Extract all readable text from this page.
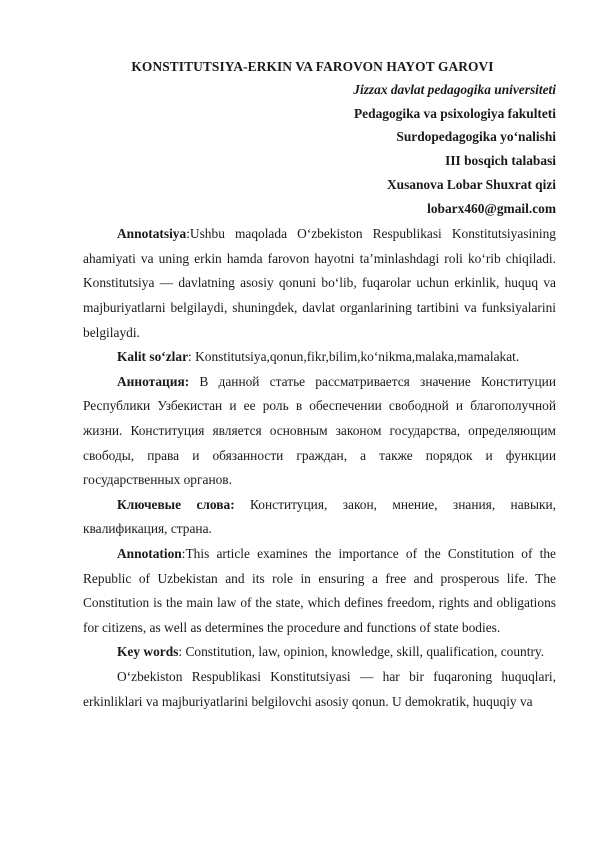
KONSTITUTSIYA-ERKIN VA FAROVON HAYOT GAROVI
Jizzax davlat pedagogika universiteti
Pedagogika va psixologiya fakulteti
Surdopedagogika yo‘nalishi
III bosqich talabasi
Xusanova Lobar Shuxrat qizi
lobarx460@gmail.com

Annotatsiya:Ushbu maqolada O‘zbekiston Respublikasi Konstitutsiyasining ahamiyati va uning erkin hamda farovon hayotni ta’minlashdagi roli ko‘rib chiqiladi. Konstitutsiya — davlatning asosiy qonuni bo‘lib, fuqarolar uchun erkinlik, huquq va majburiyatlarni belgilaydi, shuningdek, davlat organlarining tartibini va funksiyalarini belgilaydi.

Kalit so‘zlar: Konstitutsiya,qonun,fikr,bilim,ko‘nikma,malaka,mamalakat.

Аннотация: В данной статье рассматривается значение Конституции Республики Узбекистан и ее роль в обеспечении свободной и благополучной жизни. Конституция является основным законом государства, определяющим свободы, права и обязанности граждан, а также порядок и функции государственных органов.

Ключевые слова: Конституция, закон, мнение, знания, навыки, квалификация, страна.

Annotation:This article examines the importance of the Constitution of the Republic of Uzbekistan and its role in ensuring a free and prosperous life. The Constitution is the main law of the state, which defines freedom, rights and obligations for citizens, as well as determines the procedure and functions of state bodies.

Key words: Constitution, law, opinion, knowledge, skill, qualification, country.

O‘zbekiston Respublikasi Konstitutsiyasi — har bir fuqaroning huquqlari, erkinliklari va majburiyatlarini belgilovchi asosiy qonun. U demokratik, huquqiy va
